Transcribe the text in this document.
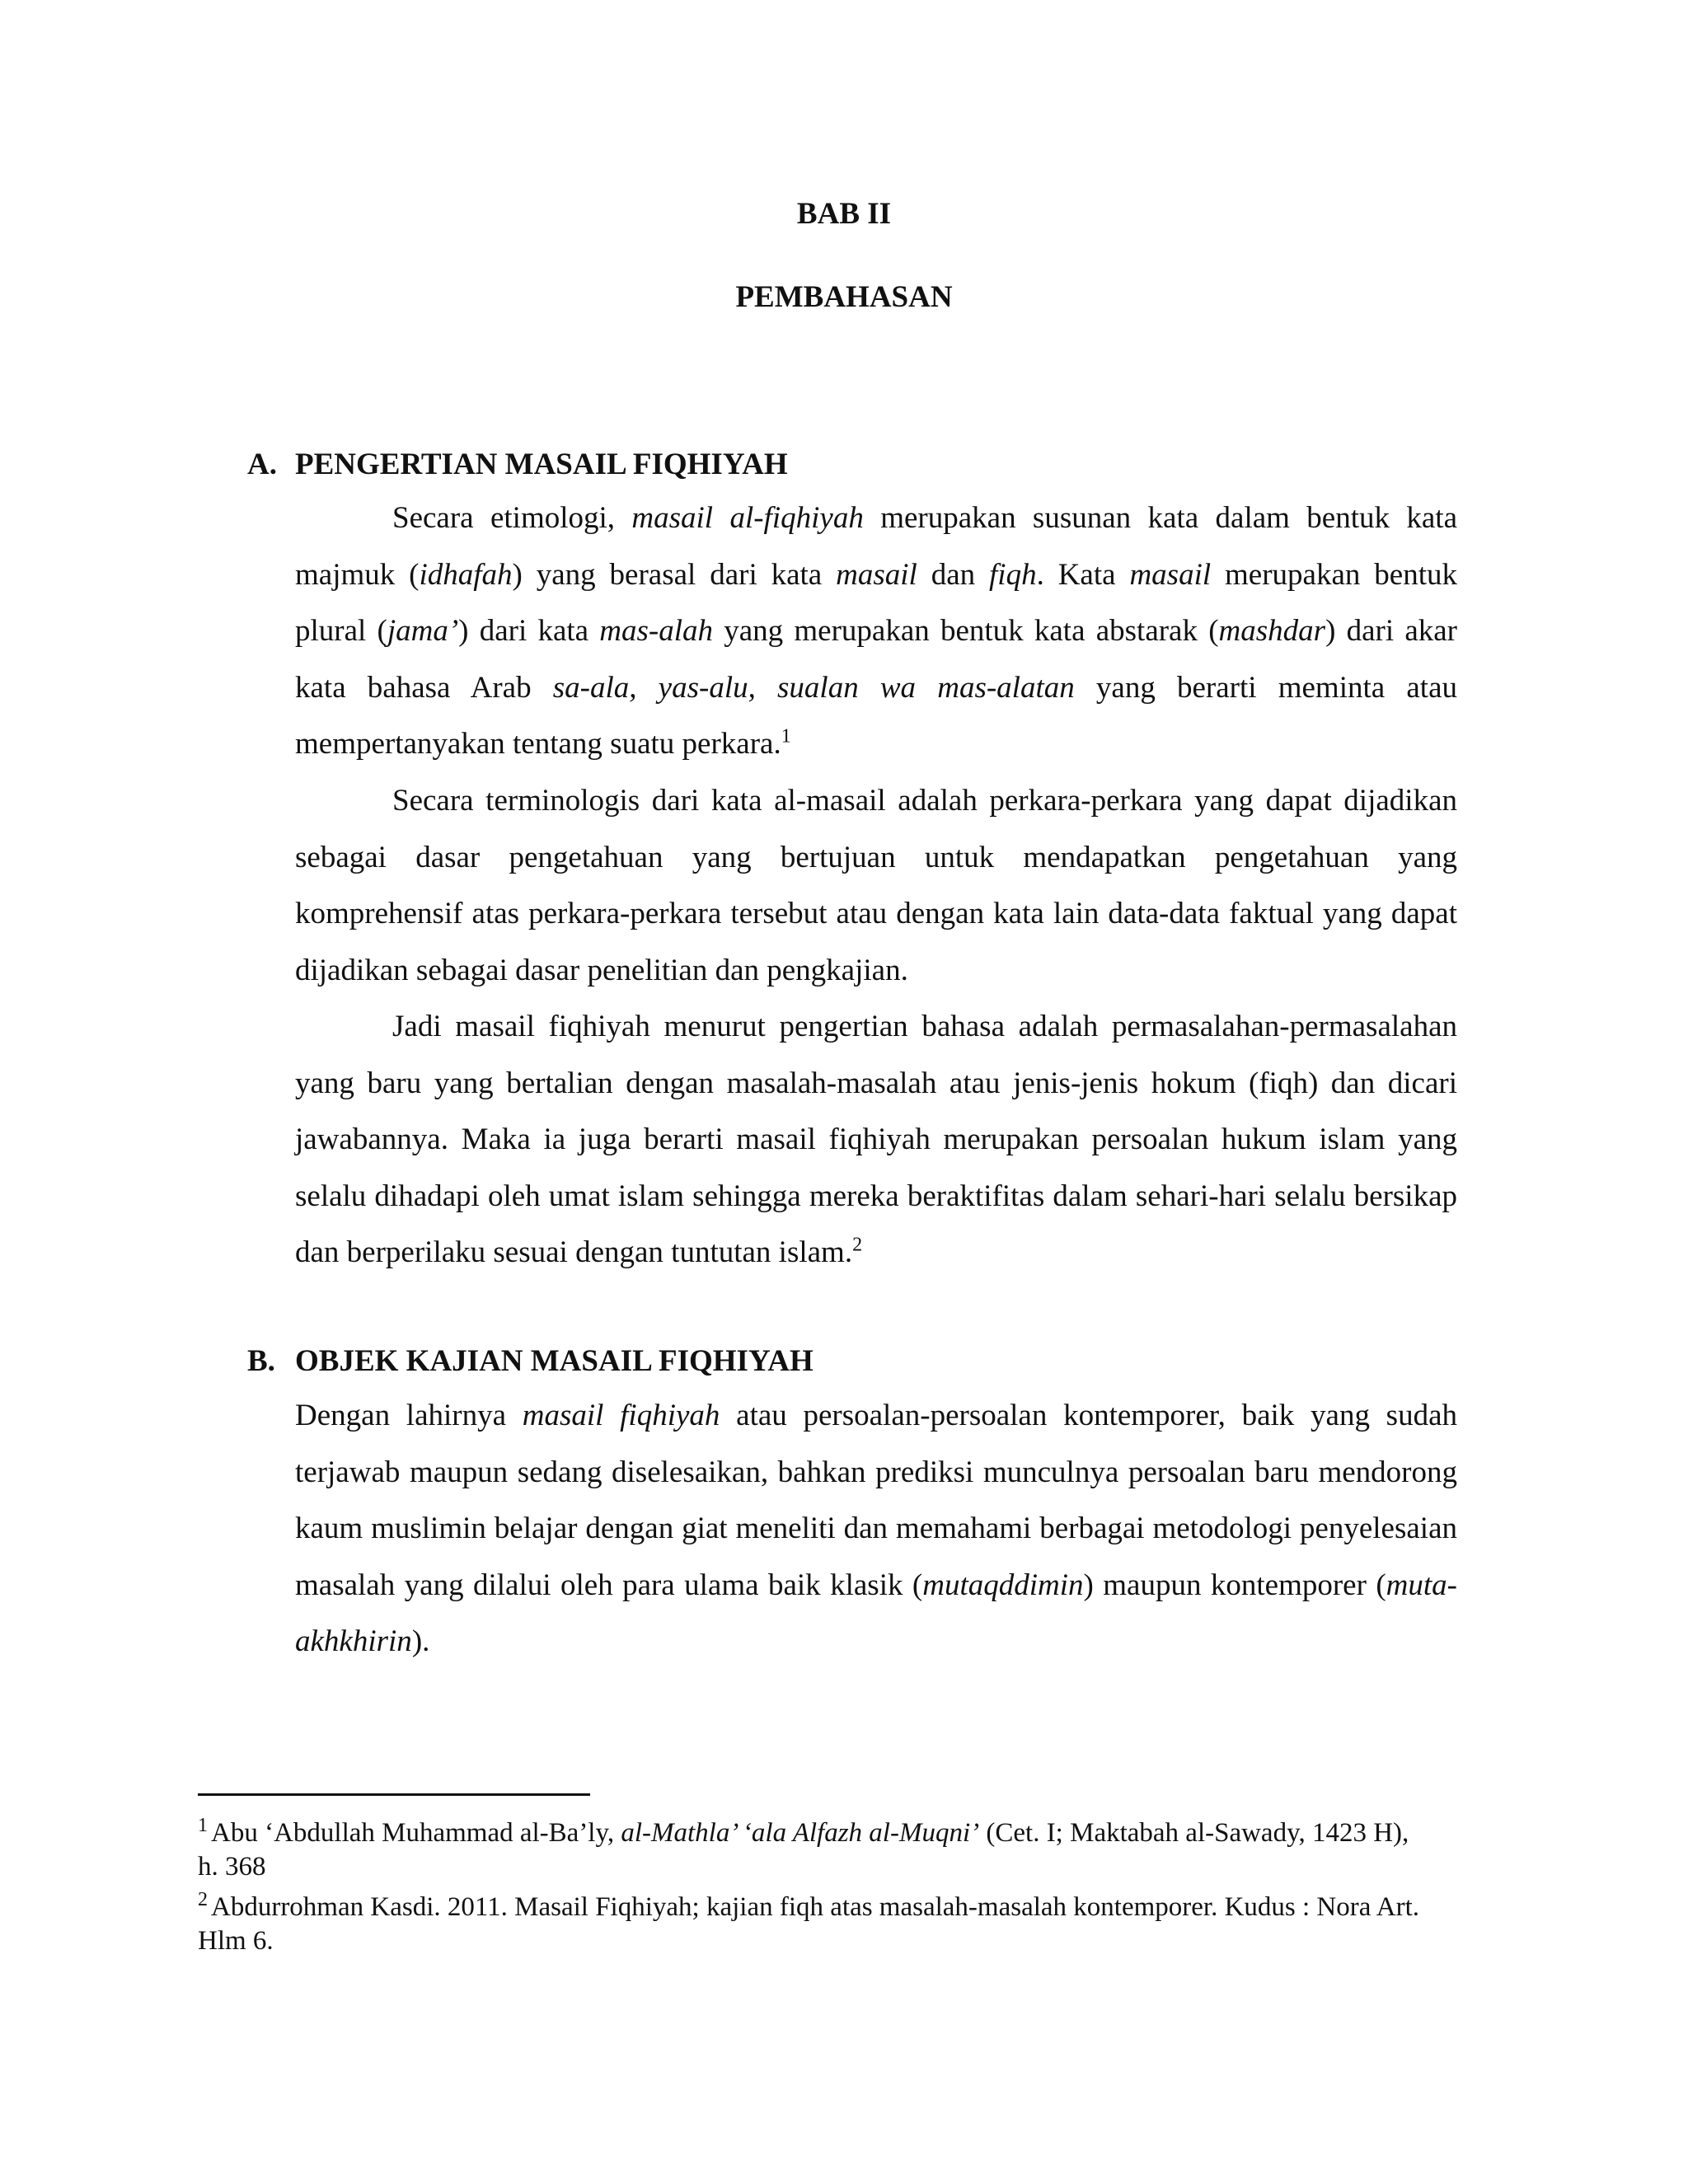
BAB II
PEMBAHASAN
A. PENGERTIAN MASAIL FIQHIYAH

Secara etimologi, masail al-fiqhiyah merupakan susunan kata dalam bentuk kata majmuk (idhafah) yang berasal dari kata masail dan fiqh. Kata masail merupakan bentuk plural (jama’) dari kata mas-alah yang merupakan bentuk kata abstarak (mashdar) dari akar kata bahasa Arab sa-ala, yas-alu, sualan wa mas-alatan yang berarti meminta atau mempertanyakan tentang suatu perkara.$^1$

Secara terminologis dari kata al-masail adalah perkara-perkara yang dapat dijadikan sebagai dasar pengetahuan yang bertujuan untuk mendapatkan pengetahuan yang komprehensif atas perkara-perkara tersebut atau dengan kata lain data-data faktual yang dapat dijadikan sebagai dasar penelitian dan pengkajian.

Jadi masail fiqhiyah menurut pengertian bahasa adalah permasalahan-permasalahan yang baru yang bertalian dengan masalah-masalah atau jenis-jenis hokum (fiqh) dan dicari jawabannya. Maka ia juga berarti masail fiqhiyah merupakan persoalan hukum islam yang selalu dihadapi oleh umat islam sehingga mereka beraktifitas dalam sehari-hari selalu bersikap dan berperilaku sesuai dengan tuntutan islam.$^2$

B. OBJEK KAJIAN MASAIL FIQHIYAH

Dengan lahirnya masail fiqhiyah atau persoalan-persoalan kontemporer, baik yang sudah terjawab maupun sedang diselesaikan, bahkan prediksi munculnya persoalan baru mendorong kaum muslimin belajar dengan giat meneliti dan memahami berbagai metodologi penyelesaian masalah yang dilalui oleh para ulama baik klasik (mutaqddimin) maupun kontemporer (muta-akhkhirin).

$^1$ Abu ‘Abdullah Muhammad al-Ba’ly, al-Mathla’ ‘ala Alfazh al-Muqni’ (Cet. I; Maktabah al-Sawady, 1423 H), h. 368

$^2$ Abdurrohman Kasdi. 2011. Masail Fiqhiyah; kajian fiqh atas masalah-masalah kontemporer. Kudus : Nora Art. Hlm 6.
